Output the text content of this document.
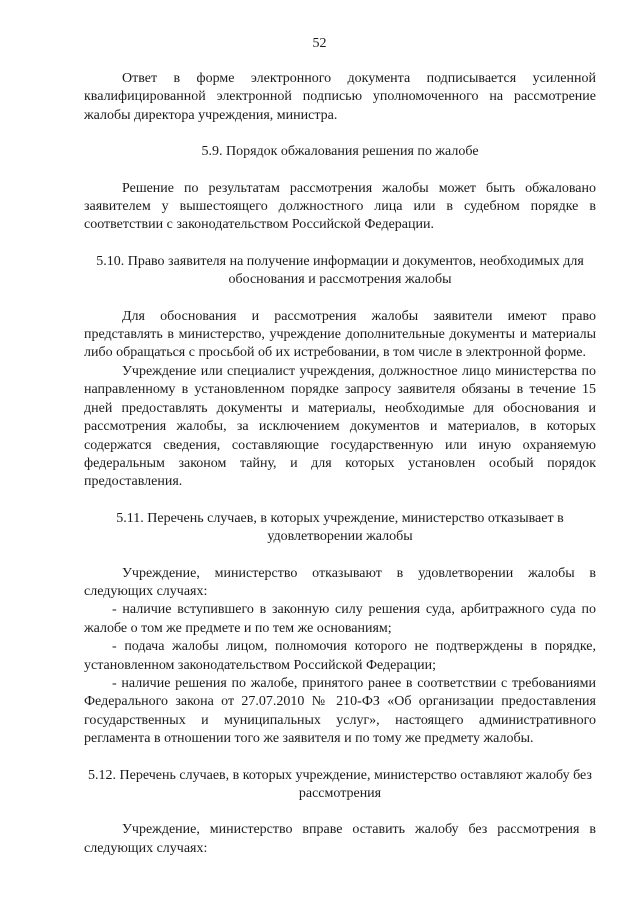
52

Ответ в форме электронного документа подписывается усиленной квалифицированной электронной подписью уполномоченного на рассмотрение жалобы директора учреждения, министра.

5.9. Порядок обжалования решения по жалобе

Решение по результатам рассмотрения жалобы может быть обжаловано заявителем у вышестоящего должностного лица или в судебном порядке в соответствии с законодательством Российской Федерации.

5.10. Право заявителя на получение информации и документов, необходимых для обоснования и рассмотрения жалобы

Для обоснования и рассмотрения жалобы заявители имеют право представлять в министерство, учреждение дополнительные документы и материалы либо обращаться с просьбой об их истребовании, в том числе в электронной форме.

Учреждение или специалист учреждения, должностное лицо министерства по направленному в установленном порядке запросу заявителя обязаны в течение 15 дней предоставлять документы и материалы, необходимые для обоснования и рассмотрения жалобы, за исключением документов и материалов, в которых содержатся сведения, составляющие государственную или иную охраняемую федеральным законом тайну, и для которых установлен особый порядок предоставления.

5.11. Перечень случаев, в которых учреждение, министерство отказывает в удовлетворении жалобы

Учреждение, министерство отказывают в удовлетворении жалобы в следующих случаях:

- наличие вступившего в законную силу решения суда, арбитражного суда по жалобе о том же предмете и по тем же основаниям;

- подача жалобы лицом, полномочия которого не подтверждены в порядке, установленном законодательством Российской Федерации;

- наличие решения по жалобе, принятого ранее в соответствии с требованиями Федерального закона от 27.07.2010 № 210-ФЗ «Об организации предоставления государственных и муниципальных услуг», настоящего административного регламента в отношении того же заявителя и по тому же предмету жалобы.

5.12. Перечень случаев, в которых учреждение, министерство оставляют жалобу без рассмотрения

Учреждение, министерство вправе оставить жалобу без рассмотрения в следующих случаях:
